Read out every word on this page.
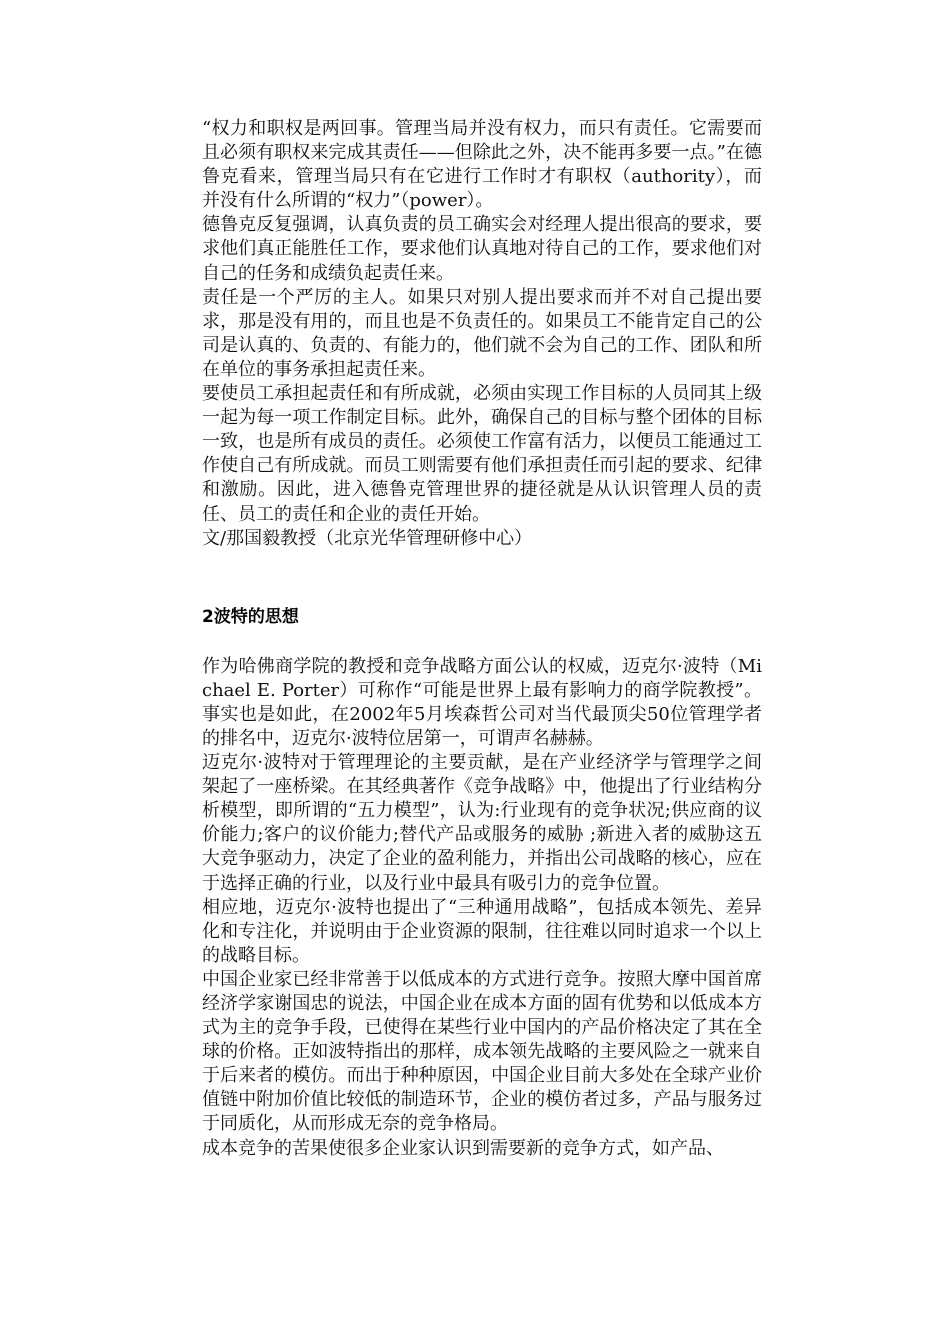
“权力和职权是两回事。管理当局并没有权力，而只有责任。它需要而且必须有职权来完成其责任——但除此之外，决不能再多要一点。”在德鲁克看来，管理当局只有在它进行工作时才有职权（authority），而并没有什么所谓的“权力”（power）。

德鲁克反复强调，认真负责的员工确实会对经理人提出很高的要求，要求他们真正能胜任工作，要求他们认真地对待自己的工作，要求他们对自己的任务和成绩负起责任来。

责任是一个严厉的主人。如果只对别人提出要求而并不对自己提出要求，那是没有用的，而且也是不负责任的。如果员工不能肯定自己的公司是认真的、负责的、有能力的，他们就不会为自己的工作、团队和所在单位的事务承担起责任来。

要使员工承担起责任和有所成就，必须由实现工作目标的人员同其上级一起为每一项工作制定目标。此外，确保自己的目标与整个团体的目标一致，也是所有成员的责任。必须使工作富有活力，以便员工能通过工作使自己有所成就。而员工则需要有他们承担责任而引起的要求、纪律和激励。因此，进入德鲁克管理世界的捷径就是从认识管理人员的责任、员工的责任和企业的责任开始。

文/那国毅教授（北京光华管理研修中心）

2波特的思想

作为哈佛商学院的教授和竞争战略方面公认的权威，迈克尔·波特（Michael E. Porter）可称作“可能是世界上最有影响力的商学院教授”。事实也是如此，在2002年5月埃森哲公司对当代最顶尖50位管理学者的排名中，迈克尔·波特位居第一，可谓声名赫赫。

迈克尔·波特对于管理理论的主要贡献，是在产业经济学与管理学之间架起了一座桥梁。在其经典著作《竞争战略》中，他提出了行业结构分析模型，即所谓的“五力模型”，认为:行业现有的竞争状况;供应商的议价能力;客户的议价能力;替代产品或服务的威胁 ;新进入者的威胁这五大竞争驱动力，决定了企业的盈利能力，并指出公司战略的核心，应在于选择正确的行业，以及行业中最具有吸引力的竞争位置。

相应地，迈克尔·波特也提出了“三种通用战略”，包括成本领先、差异化和专注化，并说明由于企业资源的限制，往往难以同时追求一个以上的战略目标。

中国企业家已经非常善于以低成本的方式进行竞争。按照大摩中国首席经济学家谢国忠的说法，中国企业在成本方面的固有优势和以低成本方式为主的竞争手段，已使得在某些行业中国内的产品价格决定了其在全球的价格。正如波特指出的那样，成本领先战略的主要风险之一就来自于后来者的模仿。而出于种种原因，中国企业目前大多处在全球产业价值链中附加价值比较低的制造环节，企业的模仿者过多，产品与服务过于同质化，从而形成无奈的竞争格局。

成本竞争的苦果使很多企业家认识到需要新的竞争方式，如产品、
